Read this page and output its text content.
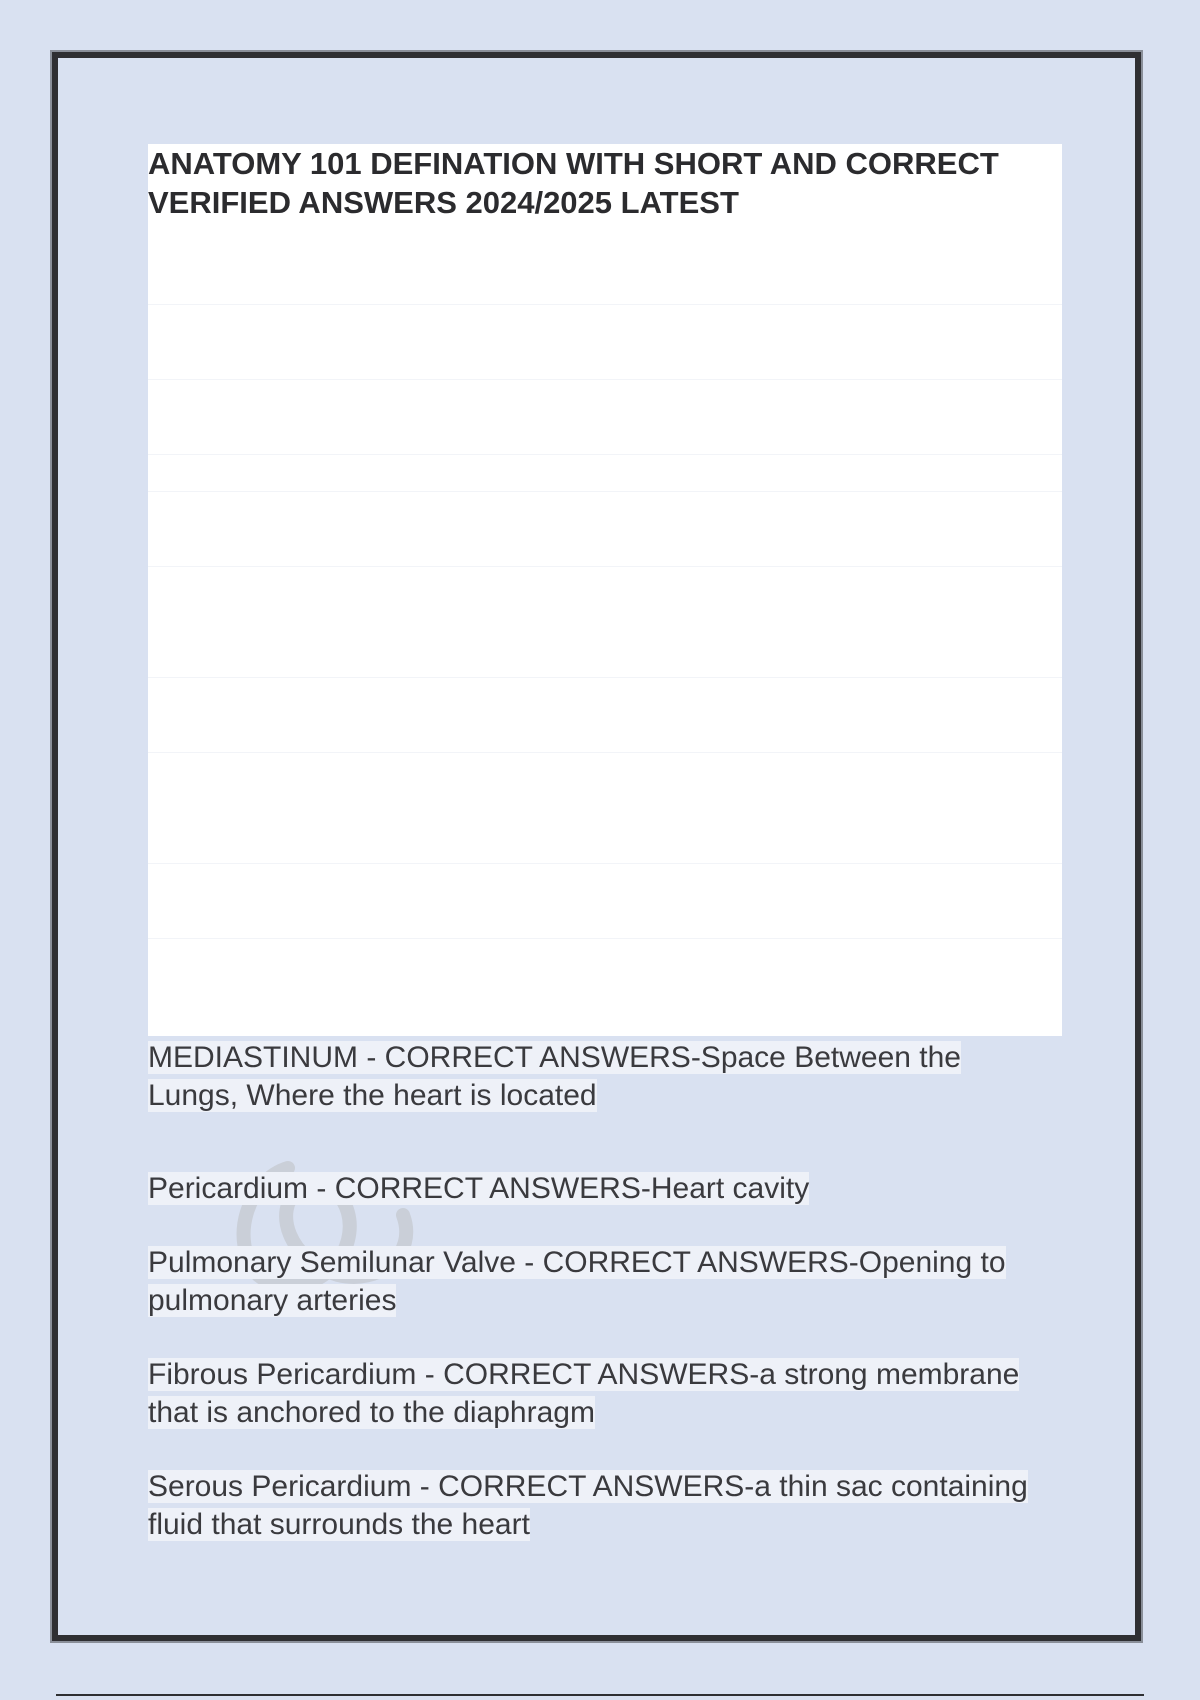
ANATOMY 101 DEFINATION WITH SHORT AND CORRECT VERIFIED ANSWERS 2024/2025 LATEST
MEDIASTINUM - CORRECT ANSWERS-Space Between the Lungs, Where the heart is located
Pericardium - CORRECT ANSWERS-Heart cavity
Pulmonary Semilunar Valve - CORRECT ANSWERS-Opening to pulmonary arteries
Fibrous Pericardium - CORRECT ANSWERS-a strong membrane that is anchored to the diaphragm
Serous Pericardium - CORRECT ANSWERS-a thin sac containing fluid that surrounds the heart
